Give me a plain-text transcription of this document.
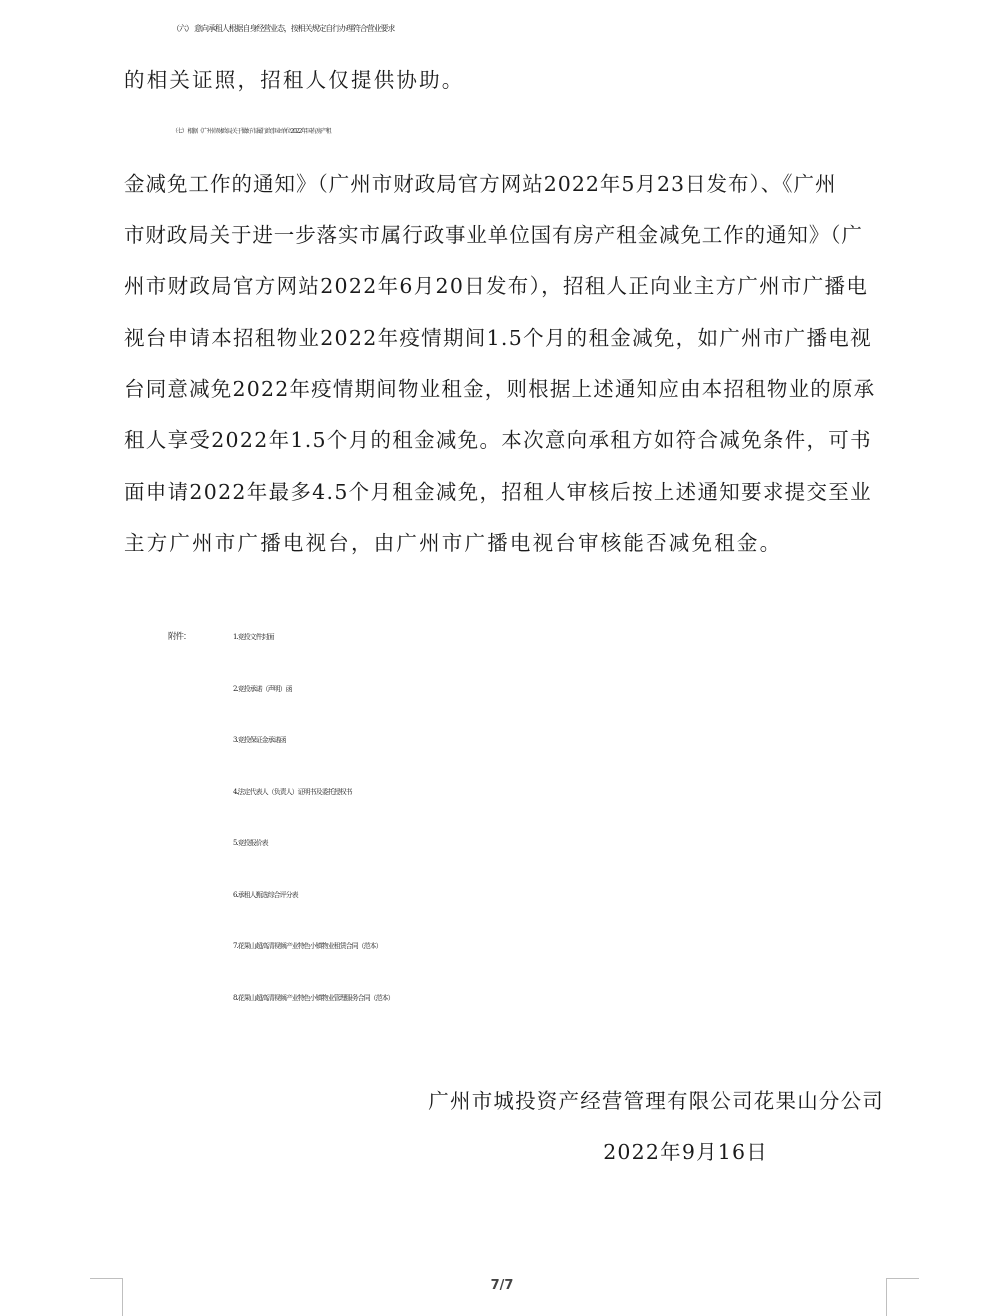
（六） 意向承租人根据自身经营业态，按相关规定自行办理符合营业要求
的相关证照，招租人仅提供协助。
（七） 根据《广州市财政局关于做好市属行政事业单位2022年国有房产租
金减免工作的通知》（广州市财政局官方网站2022年5月23日发布）、《广州
市财政局关于进一步落实市属行政事业单位国有房产租金减免工作的通知》（广
州市财政局官方网站2022年6月20日发布），招租人正向业主方广州市广播电
视台申请本招租物业2022年疫情期间1.5个月的租金减免，如广州市广播电视
台同意减免2022年疫情期间物业租金，则根据上述通知应由本招租物业的原承
租人享受2022年1.5个月的租金减免。本次意向承租方如符合减免条件，可书
面申请2022年最多4.5个月租金减免，招租人审核后按上述通知要求提交至业
主方广州市广播电视台，由广州市广播电视台审核能否减免租金。
附件：	1.竞投文件封面
2.竞投承诺（声明）函
3.竞投保证金承诺函
4.法定代表人（负责人）证明书及委托授权书
5.竞投报价表
6.承租人甄选综合评分表
7.花果山超高清视频产业特色小镇物业租赁合同（范本）
8.花果山超高清视频产业特色小镇物业管理服务合同（范本）
广州市城投资产经营管理有限公司花果山分公司
2022年9月16日
7/7
